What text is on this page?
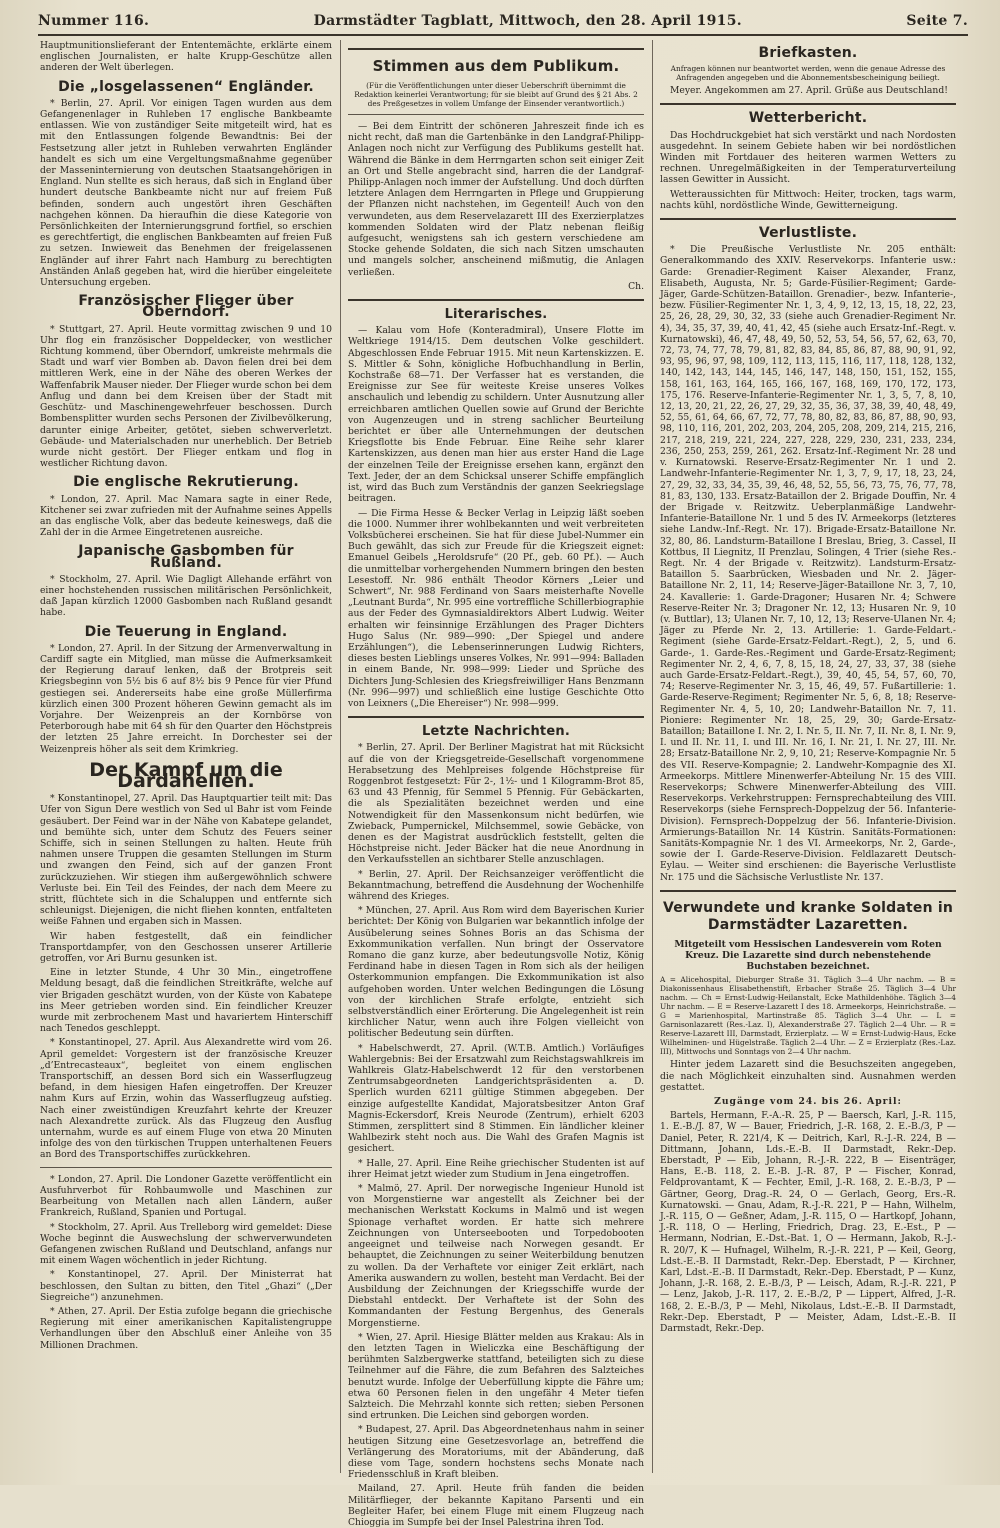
Nummer 116.	Darmstädter Tagblatt, Mittwoch, den 28. April 1915.	Seite 7.

Hauptmunitionslieferant der Ententemächte, erklärte einem englischen Journalisten, er halte Krupp-Geschütze allen anderen der Welt überlegen.

Die „losgelassenen“ Engländer.

* Berlin, 27. April. Vor einigen Tagen wurden aus dem Gefangenenlager in Ruhleben 17 englische Bankbeamte entlassen. Wie von zuständiger Seite mitgeteilt wird, hat es mit den Entlassungen folgende Bewandtnis: Bei der Festsetzung aller jetzt in Ruhleben verwahrten Engländer handelt es sich um eine Vergeltungsmaßnahme gegenüber der Masseninternierung von deutschen Staatsangehörigen in England. Nun stellte es sich heraus, daß sich in England über hundert deutsche Bankbeamte nicht nur auf freiem Fuß befinden, sondern auch ungestört ihren Geschäften nachgehen können. Da hieraufhin die diese Kategorie von Persönlichkeiten der Internierungsgrund fortfiel, so erschien es gerechtfertigt, die englischen Bankbeamten auf freien Fuß zu setzen. Inwieweit das Benehmen der freigelassenen Engländer auf ihrer Fahrt nach Hamburg zu berechtigten Anständen Anlaß gegeben hat, wird die hierüber eingeleitete Untersuchung ergeben.

Französischer Flieger über Oberndorf.

* Stuttgart, 27. April. Heute vormittag zwischen 9 und 10 Uhr flog ein französischer Doppeldecker, von westlicher Richtung kommend, über Oberndorf, umkreiste mehrmals die Stadt und warf vier Bomben ab. Davon fielen drei bei dem mittleren Werk, eine in der Nähe des oberen Werkes der Waffenfabrik Mauser nieder. Der Flieger wurde schon bei dem Anflug und dann bei dem Kreisen über der Stadt mit Geschütz- und Maschinengewehrfeuer beschossen. Durch Bombensplitter wurden sechs Personen der Zivilbevölkerung, darunter einige Arbeiter, getötet, sieben schwerverletzt. Gebäude- und Materialschaden nur unerheblich. Der Betrieb wurde nicht gestört. Der Flieger entkam und flog in westlicher Richtung davon.

Die englische Rekrutierung.

* London, 27. April. Mac Namara sagte in einer Rede, Kitchener sei zwar zufrieden mit der Aufnahme seines Appells an das englische Volk, aber das bedeute keineswegs, daß die Zahl der in die Armee Eingetretenen ausreiche.

Japanische Gasbomben für Rußland.

* Stockholm, 27. April. Wie Dagligt Allehande erfährt von einer hochstehenden russischen militärischen Persönlichkeit, daß Japan kürzlich 12000 Gasbomben nach Rußland gesandt habe.

Die Teuerung in England.

* London, 27. April. In der Sitzung der Armenverwaltung in Cardiff sagte ein Mitglied, man müsse die Aufmerksamkeit der Regierung darauf lenken, daß der Brotpreis seit Kriegsbeginn von 5½ bis 6 auf 8½ bis 9 Pence für vier Pfund gestiegen sei. Andererseits habe eine große Müllerfirma kürzlich einen 300 Prozent höheren Gewinn gemacht als im Vorjahre. Der Weizenpreis an der Kornbörse von Peterborough habe mit 64 sh für den Quarter den Höchstpreis der letzten 25 Jahre erreicht. In Dorchester sei der Weizenpreis höher als seit dem Krimkrieg.

Der Kampf um die Dardanellen.

* Konstantinopel, 27. April. Das Hauptquartier teilt mit: Das Ufer von Sigun Dere westlich von Sed ul Bahr ist vom Feinde gesäubert. Der Feind war in der Nähe von Kabatepe gelandet, und bemühte sich, unter dem Schutz des Feuers seiner Schiffe, sich in seinen Stellungen zu halten. Heute früh nahmen unsere Truppen die gesamten Stellungen im Sturm und zwangen den Feind, sich auf der ganzen Front zurückzuziehen. Wir stiegen ihm außergewöhnlich schwere Verluste bei. Ein Teil des Feindes, der nach dem Meere zu stritt, flüchtete sich in die Schaluppen und entfernte sich schleunigst. Diejenigen, die nicht fliehen konnten, entfalteten weiße Fahnen und ergaben sich in Massen.

Wir haben festgestellt, daß ein feindlicher Transportdampfer, von den Geschossen unserer Artillerie getroffen, vor Ari Burnu gesunken ist.

Eine in letzter Stunde, 4 Uhr 30 Min., eingetroffene Meldung besagt, daß die feindlichen Streitkräfte, welche auf vier Brigaden geschätzt wurden, von der Küste von Kabatepe ins Meer getrieben worden sind. Ein feindlicher Kreuzer wurde mit zerbrochenem Mast und havariertem Hinterschiff nach Tenedos geschleppt.

* Konstantinopel, 27. April. Aus Alexandrette wird vom 26. April gemeldet: Vorgestern ist der französische Kreuzer „d’Entrecasteaux“, begleitet von einem englischen Transportschiff, an dessen Bord sich ein Wasserflugzeug befand, in dem hiesigen Hafen eingetroffen. Der Kreuzer nahm Kurs auf Erzin, wohin das Wasserflugzeug aufstieg. Nach einer zweistündigen Kreuzfahrt kehrte der Kreuzer nach Alexandrette zurück. Als das Flugzeug den Ausflug unternahm, wurde es auf einem Fluge von etwa 20 Minuten infolge des von den türkischen Truppen unterhaltenen Feuers an Bord des Transportschiffes zurückkehren.

* London, 27. April. Die Londoner Gazette veröffentlicht ein Ausfuhrverbot für Rohbaumwolle und Maschinen zur Bearbeitung von Metallen nach allen Ländern, außer Frankreich, Rußland, Spanien und Portugal.

* Stockholm, 27. April. Aus Trelleborg wird gemeldet: Diese Woche beginnt die Auswechslung der schwerverwundeten Gefangenen zwischen Rußland und Deutschland, anfangs nur mit einem Wagen wöchentlich in jeder Richtung.

* Konstantinopel, 27. April. Der Ministerrat hat beschlossen, den Sultan zu bitten, den Titel „Ghazi“ („Der Siegreiche“) anzunehmen.

* Athen, 27. April. Der Estia zufolge begann die griechische Regierung mit einer amerikanischen Kapitalistengruppe Verhandlungen über den Abschluß einer Anleihe von 35 Millionen Drachmen.

Stimmen aus dem Publikum.

(Für die Veröffentlichungen unter dieser Ueberschrift übernimmt die Redaktion keinerlei Verantwortung; für sie bleibt auf Grund des § 21 Abs. 2 des Preßgesetzes in vollem Umfange der Einsender verantwortlich.)

— Bei dem Eintritt der schöneren Jahreszeit finde ich es nicht recht, daß man die Gartenbänke in den Landgraf-Philipp-Anlagen noch nicht zur Verfügung des Publikums gestellt hat. Während die Bänke in dem Herrngarten schon seit einiger Zeit an Ort und Stelle angebracht sind, harren die der Landgraf-Philipp-Anlagen noch immer der Aufstellung. Und doch dürften letztere Anlagen dem Herrngarten in Pflege und Gruppierung der Pflanzen nicht nachstehen, im Gegenteil! Auch von den verwundeten, aus dem Reservelazarett III des Exerzierplatzes kommenden Soldaten wird der Platz nebenan fleißig aufgesucht, wenigstens sah ich gestern verschiedene am Stocke gehende Soldaten, die sich nach Sitzen umschauten und mangels solcher, anscheinend mißmutig, die Anlagen verließen.

Ch.

Literarisches.

— Kalau vom Hofe (Konteradmiral), Unsere Flotte im Weltkriege 1914/15. Dem deutschen Volke geschildert. Abgeschlossen Ende Februar 1915. Mit neun Kartenskizzen. E. S. Mittler & Sohn, königliche Hofbuchhandlung in Berlin, Kochstraße 68—71. Der Verfasser hat es verstanden, die Ereignisse zur See für weiteste Kreise unseres Volkes anschaulich und lebendig zu schildern. Unter Ausnutzung aller erreichbaren amtlichen Quellen sowie auf Grund der Berichte von Augenzeugen und in streng sachlicher Beurteilung berichtet er über alle Unternehmungen der deutschen Kriegsflotte bis Ende Februar. Eine Reihe sehr klarer Kartenskizzen, aus denen man hier aus erster Hand die Lage der einzelnen Teile der Ereignisse ersehen kann, ergänzt den Text. Jeder, der an dem Schicksal unserer Schiffe empfänglich ist, wird das Buch zum Verständnis der ganzen Seekriegslage beitragen.

— Die Firma Hesse & Becker Verlag in Leipzig läßt soeben die 1000. Nummer ihrer wohlbekannten und weit verbreiteten Volksbücherei erscheinen. Sie hat für diese Jubel-Nummer ein Buch gewählt, das sich zur Freude für die Kriegszeit eignet: Emanuel Geibels „Heroldsrufe“ (20 Pf., geb. 60 Pf.). — Auch die unmittelbar vorhergehenden Nummern bringen den besten Lesestoff. Nr. 986 enthält Theodor Körners „Leier und Schwert“, Nr. 988 Ferdinand von Saars meisterhafte Novelle „Leutnant Burda“, Nr. 995 eine vortreffliche Schillerbiographie aus der Feder des Gymnasialdirektors Albert Ludwig. Weiter erhalten wir feinsinnige Erzählungen des Prager Dichters Hugo Salus (Nr. 989—990: „Der Spiegel und andere Erzählungen“), die Lebenserinnerungen Ludwig Richters, dieses besten Lieblings unseres Volkes, Nr. 991—994: Balladen in einem Bande, Nr. 998—999: Lieder und Sprüche des Dichters Jung-Schlesien des Kriegsfreiwilliger Hans Benzmann (Nr. 996—997) und schließlich eine lustige Geschichte Otto von Leixners („Die Ehereiser“) Nr. 998—999.

Letzte Nachrichten.

* Berlin, 27. April. Der Berliner Magistrat hat mit Rücksicht auf die von der Kriegsgetreide-Gesellschaft vorgenommene Herabsetzung des Mehlpreises folgende Höchstpreise für Roggenbrot festgesetzt: Für 2-, 1½- und 1 Kilogramm-Brot 85, 63 und 43 Pfennig, für Semmel 5 Pfennig. Für Gebäckarten, die als Spezialitäten bezeichnet werden und eine Notwendigkeit für den Massenkonsum nicht bedürfen, wie Zwieback, Pumpernickel, Milchsemmel, sowie Gebäcke, von denen es der Magistrat ausdrücklich feststellt, gelten die Höchstpreise nicht. Jeder Bäcker hat die neue Anordnung in den Verkaufsstellen an sichtbarer Stelle anzuschlagen.

* Berlin, 27. April. Der Reichsanzeiger veröffentlicht die Bekanntmachung, betreffend die Ausdehnung der Wochenhilfe während des Krieges.

* München, 27. April. Aus Rom wird dem Bayerischen Kurier berichtet: Der König von Bulgarien war bekanntlich infolge der Ausübelerung seines Sohnes Boris an das Schisma der Exkommunikation verfallen. Nun bringt der Osservatore Romano die ganz kurze, aber bedeutungsvolle Notiz, König Ferdinand habe in diesen Tagen in Rom sich als der heiligen Osterkommunion empfangen. Die Exkommunikation ist also aufgehoben worden. Unter welchen Bedingungen die Lösung von der kirchlichen Strafe erfolgte, entzieht sich selbstverständlich einer Erörterung. Die Angelegenheit ist rein kirchlicher Natur, wenn auch ihre Folgen vielleicht von politischer Bedeutung sein dürften.

* Habelschwerdt, 27. April. (W.T.B. Amtlich.) Vorläufiges Wahlergebnis: Bei der Ersatzwahl zum Reichstagswahlkreis im Wahlkreis Glatz-Habelschwerdt 12 für den verstorbenen Zentrumsabgeordneten Landgerichtspräsidenten a. D. Sperlich wurden 6211 gültige Stimmen abgegeben. Der einzige aufgestellte Kandidat, Majoratsbesitzer Anton Graf Magnis-Eckersdorf, Kreis Neurode (Zentrum), erhielt 6203 Stimmen, zersplittert sind 8 Stimmen. Ein ländlicher kleiner Wahlbezirk steht noch aus. Die Wahl des Grafen Magnis ist gesichert.

* Halle, 27. April. Eine Reihe griechischer Studenten ist auf ihrer Heimat jetzt wieder zum Studium in Jena eingetroffen.

* Malmö, 27. April. Der norwegische Ingenieur Hunold ist von Morgenstierne war angestellt als Zeichner bei der mechanischen Werkstatt Kockums in Malmö und ist wegen Spionage verhaftet worden. Er hatte sich mehrere Zeichnungen von Unterseebooten und Torpedobooten angeeignet und teilweise nach Norwegen gesandt. Er behauptet, die Zeichnungen zu seiner Weiterbildung benutzen zu wollen. Da der Verhaftete vor einiger Zeit erklärt, nach Amerika auswandern zu wollen, besteht man Verdacht. Bei der Ausbildung der Zeichnungen der Kriegsschiffe wurde der Diebstahl entdeckt. Der Verhaftete ist der Sohn des Kommandanten der Festung Bergenhus, des Generals Morgenstierne.

* Wien, 27. April. Hiesige Blätter melden aus Krakau: Als in den letzten Tagen in Wieliczka eine Beschäftigung der berühmten Salzbergwerke stattfand, beteiligten sich zu diese Teilnehmer auf die Fähre, die zum Befahren des Salzteiches benutzt wurde. Infolge der Ueberfüllung kippte die Fähre um; etwa 60 Personen fielen in den ungefähr 4 Meter tiefen Salzteich. Die Mehrzahl konnte sich retten; sieben Personen sind ertrunken. Die Leichen sind geborgen worden.

* Budapest, 27. April. Das Abgeordnetenhaus nahm in seiner heutigen Sitzung eine Gesetzesvorlage an, betreffend die Verlängerung des Moratoriums, mit der Abänderung, daß diese vom Tage, sondern hochstens sechs Monate nach Friedensschluß in Kraft bleiben.

Mailand, 27. April. Heute früh fanden die beiden Militärflieger, der bekannte Kapitano Parsenti und ein Begleiter Hafer, bei einem Fluge mit einem Flugzeug nach Chioggia im Sumpfe bei der Insel Palestrina ihren Tod.

Briefkasten.

Anfragen können nur beantwortet werden, wenn die genaue Adresse des Anfragenden angegeben und die Abonnementsbescheinigung beiliegt.

Meyer. Angekommen am 27. April. Grüße aus Deutschland!

Wetterbericht.

Das Hochdruckgebiet hat sich verstärkt und nach Nordosten ausgedehnt. In seinem Gebiete haben wir bei nordöstlichen Winden mit Fortdauer des heiteren warmen Wetters zu rechnen. Unregelmäßigkeiten in der Temperaturverteilung lassen Gewitter in Aussicht.

Wetteraussichten für Mittwoch: Heiter, trocken, tags warm, nachts kühl, nordöstliche Winde, Gewitterneigung.

Verlustliste.

* Die Preußische Verlustliste Nr. 205 enthält: Generalkommando des XXIV. Reservekorps. Infanterie usw.: Garde: Grenadier-Regiment Kaiser Alexander, Franz, Elisabeth, Augusta, Nr. 5; Garde-Füsilier-Regiment; Garde-Jäger, Garde-Schützen-Bataillon. Grenadier-, bezw. Infanterie-, bezw. Füsilier-Regimenter Nr. 1, 3, 4, 9, 12, 13, 15, 18, 22, 23, 25, 26, 28, 29, 30, 32, 33 (siehe auch Grenadier-Regiment Nr. 4), 34, 35, 37, 39, 40, 41, 42, 45 (siehe auch Ersatz-Inf.-Regt. v. Kurnatowski), 46, 47, 48, 49, 50, 52, 53, 54, 56, 57, 62, 63, 70, 72, 73, 74, 77, 78, 79, 81, 82, 83, 84, 85, 86, 87, 88, 90, 91, 92, 93, 95, 96, 97, 98, 109, 112, 113, 115, 116, 117, 118, 128, 132, 140, 142, 143, 144, 145, 146, 147, 148, 150, 151, 152, 155, 158, 161, 163, 164, 165, 166, 167, 168, 169, 170, 172, 173, 175, 176. Reserve-Infanterie-Regimenter Nr. 1, 3, 5, 7, 8, 10, 12, 13, 20, 21, 22, 26, 27, 29, 32, 35, 36, 37, 38, 39, 40, 48, 49, 52, 55, 61, 64, 66, 67, 72, 77, 78, 80, 82, 83, 86, 87, 88, 90, 93, 98, 110, 116, 201, 202, 203, 204, 205, 208, 209, 214, 215, 216, 217, 218, 219, 221, 224, 227, 228, 229, 230, 231, 233, 234, 236, 250, 253, 259, 261, 262. Ersatz-Inf.-Regiment Nr. 28 und v. Kurnatowski. Reserve-Ersatz-Regimenter Nr. 1 und 2. Landwehr-Infanterie-Regimenter Nr. 1, 3, 7, 9, 17, 18, 23, 24, 27, 29, 32, 33, 34, 35, 39, 46, 48, 52, 55, 56, 73, 75, 76, 77, 78, 81, 83, 130, 133. Ersatz-Bataillon der 2. Brigade Douffin, Nr. 4 der Brigade v. Reitzwitz. Ueberplanmäßige Landwehr-Infanterie-Bataillone Nr. 1 und 5 des IV. Armeekorps (letzteres siehe Landw.-Inf.-Regt. Nr. 17). Brigade-Ersatz-Bataillone Nr. 32, 80, 86. Landsturm-Bataillone I Breslau, Brieg, 3. Cassel, II Kottbus, II Liegnitz, II Prenzlau, Solingen, 4 Trier (siehe Res.-Regt. Nr. 4 der Brigade v. Reitzwitz). Landsturm-Ersatz-Bataillon 5. Saarbrücken, Wiesbaden und Nr. 2. Jäger-Bataillone Nr. 2, 11, 14; Reserve-Jäger-Bataillone Nr. 3, 7, 10, 24. Kavallerie: 1. Garde-Dragoner; Husaren Nr. 4; Schwere Reserve-Reiter Nr. 3; Dragoner Nr. 12, 13; Husaren Nr. 9, 10 (v. Buttlar), 13; Ulanen Nr. 7, 10, 12, 13; Reserve-Ulanen Nr. 4; Jäger zu Pferde Nr. 2, 13. Artillerie: 1. Garde-Feldart.-Regiment (siehe Garde-Ersatz-Feldart.-Regt.), 2, 5, und 6. Garde-, 1. Garde-Res.-Regiment und Garde-Ersatz-Regiment; Regimenter Nr. 2, 4, 6, 7, 8, 15, 18, 24, 27, 33, 37, 38 (siehe auch Garde-Ersatz-Feldart.-Regt.), 39, 40, 45, 54, 57, 60, 70, 74; Reserve-Regimenter Nr. 3, 15, 46, 49, 57. Fußartillerie: 1. Garde-Reserve-Regiment; Regimenter Nr. 5, 6, 8, 18; Reserve-Regimenter Nr. 4, 5, 10, 20; Landwehr-Bataillon Nr. 7, 11. Pioniere: Regimenter Nr. 18, 25, 29, 30; Garde-Ersatz-Bataillon; Bataillone I. Nr. 2, I. Nr. 5, II. Nr. 7, II. Nr. 8, I. Nr. 9, I. und II. Nr. 11, I. und III. Nr. 16, I. Nr. 21, I. Nr. 27, III. Nr. 28; Ersatz-Bataillone Nr. 2, 9, 10, 21; Reserve-Kompagnie Nr. 5 des VII. Reserve-Kompagnie; 2. Landwehr-Kompagnie des XI. Armeekorps. Mittlere Minenwerfer-Abteilung Nr. 15 des VIII. Reservekorps; Schwere Minenwerfer-Abteilung des VIII. Reservekorps. Verkehrstruppen: Fernsprechabteilung des VIII. Reservekorps (siehe Fernsprech-Doppelzug der 56. Infanterie-Division). Fernsprech-Doppelzug der 56. Infanterie-Division. Armierungs-Bataillon Nr. 14 Küstrin. Sanitäts-Formationen: Sanitäts-Kompagnie Nr. 1 des VI. Armeekorps, Nr. 2, Garde-, sowie der I. Garde-Reserve-Division. Feldlazarett Deutsch-Eylau. — Weiter sind erschienen: die Bayerische Verlustliste Nr. 175 und die Sächsische Verlustliste Nr. 137.

Verwundete und kranke Soldaten in Darmstädter Lazaretten.

Mitgeteilt vom Hessischen Landesverein vom Roten Kreuz. Die Lazarette sind durch nebenstehende Buchstaben bezeichnet.

A = Alicehospital, Dieburger Straße 31. Täglich 3—4 Uhr nachm. — B = Diakonissenhaus Elisabethenstift, Erbacher Straße 25. Täglich 3—4 Uhr nachm. — Ch = Ernst-Ludwig-Heilanstalt, Ecke Mathildenhöhe. Täglich 3—4 Uhr nachm. — E = Reserve-Lazarett I des 18. Armeekorps, Heinrichstraße. — G = Marienhospital, Martinstraße 85. Täglich 3—4 Uhr. — L = Garnisonlazarett (Res.-Laz. I), Alexanderstraße 27. Täglich 2—4 Uhr. — R = Reserve-Lazarett III, Darmstadt, Erzierplatz. — W = Ernst-Ludwig-Haus, Ecke Wilhelminen- und Hügelstraße. Täglich 2—4 Uhr. — Z = Erzierplatz (Res.-Laz. III), Mittwochs und Sonntags von 2—4 Uhr nachm.

Hinter jedem Lazarett sind die Besuchszeiten angegeben, die nach Möglichkeit einzuhalten sind. Ausnahmen werden gestattet.

Zugänge vom 24. bis 26. April:

Bartels, Hermann, F.-A.-R. 25, P — Baersch, Karl, J.-R. 115, 1. E.-B./J. 87, W — Bauer, Friedrich, J.-R. 168, 2. E.-B./3, P — Daniel, Peter, R. 221/4, K — Deitrich, Karl, R.-J.-R. 224, B — Dittmann, Johann, Lds.-E.-B. II Darmstadt, Rekr.-Dep. Eberstadt, P — Eib, Johann, R.-J.-R. 222, B — Eisenträger, Hans, E.-B. 118, 2. E.-B. J.-R. 87, P — Fischer, Konrad, Feldprovantamt, K — Fechter, Emil, J.-R. 168, 2. E.-B./3, P — Gärtner, Georg, Drag.-R. 24, O — Gerlach, Georg, Ers.-R. Kurnatowski. — Gnau, Adam, R.-J.-R. 221, P — Hahn, Wilhelm, J.-R. 115, O — Geßner, Adam, J.-R. 115, O — Hartkopf, Johann, J.-R. 118, O — Herling, Friedrich, Drag. 23, E.-Est., P — Hermann, Nodrian, E.-Dst.-Bat. 1, O — Hermann, Jakob, R.-J.-R. 20/7, K — Hufnagel, Wilhelm, R.-J.-R. 221, P — Keil, Georg, Ldst.-E.-B. II Darmstadt, Rekr.-Dep. Eberstadt, P — Kirchner, Karl, Ldst.-E.-B. II Darmstadt, Rekr.-Dep. Eberstadt, P — Kunz, Johann, J.-R. 168, 2. E.-B./3, P — Leisch, Adam, R.-J.-R. 221, P — Lenz, Jakob, J.-R. 117, 2. E.-B./2, P — Lippert, Alfred, J.-R. 168, 2. E.-B./3, P — Mehl, Nikolaus, Ldst.-E.-B. II Darmstadt, Rekr.-Dep. Eberstadt, P — Meister, Adam, Ldst.-E.-B. II Darmstadt, Rekr.-Dep.
